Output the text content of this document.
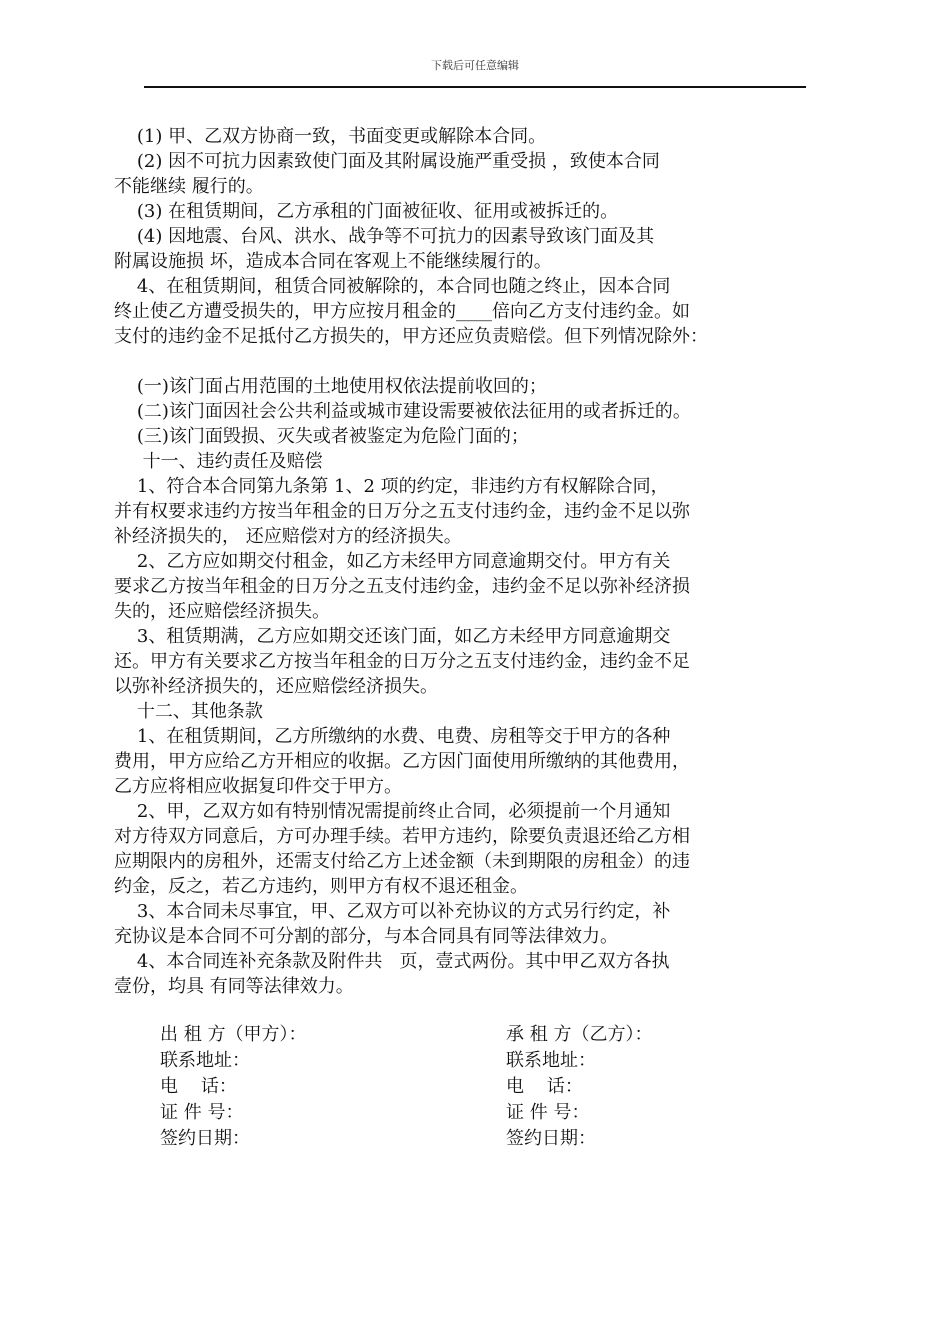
下载后可任意编辑
(1) 甲、乙双方协商一致，书面变更或解除本合同。
(2) 因不可抗力因素致使门面及其附属设施严重受损 ，致使本合同
不能继续 履行的。
(3) 在租赁期间，乙方承租的门面被征收、征用或被拆迁的。
(4) 因地震、台风、洪水、战争等不可抗力的因素导致该门面及其
附属设施损 坏，造成本合同在客观上不能继续履行的。
4、在租赁期间，租赁合同被解除的，本合同也随之终止，因本合同
终止使乙方遭受损失的，甲方应按月租金的____倍向乙方支付违约金。如
支付的违约金不足抵付乙方损失的，甲方还应负责赔偿。但下列情况除外：
(一)该门面占用范围的土地使用权依法提前收回的；
(二)该门面因社会公共利益或城市建设需要被依法征用的或者拆迁的。
(三)该门面毁损、灭失或者被鉴定为危险门面的；
十一、违约责任及赔偿
1、符合本合同第九条第 1、2 项的约定，非违约方有权解除合同，
并有权要求违约方按当年租金的日万分之五支付违约金，违约金不足以弥
补经济损失的， 还应赔偿对方的经济损失。
2、乙方应如期交付租金，如乙方未经甲方同意逾期交付。甲方有关
要求乙方按当年租金的日万分之五支付违约金，违约金不足以弥补经济损
失的，还应赔偿经济损失。
3、租赁期满，乙方应如期交还该门面，如乙方未经甲方同意逾期交
还。甲方有关要求乙方按当年租金的日万分之五支付违约金，违约金不足
以弥补经济损失的，还应赔偿经济损失。
十二、其他条款
1、在租赁期间，乙方所缴纳的水费、电费、房租等交于甲方的各种
费用，甲方应给乙方开相应的收据。乙方因门面使用所缴纳的其他费用，
乙方应将相应收据复印件交于甲方。
2、甲，乙双方如有特别情况需提前终止合同，必须提前一个月通知
对方待双方同意后，方可办理手续。若甲方违约，除要负责退还给乙方相
应期限内的房租外，还需支付给乙方上述金额（未到期限的房租金）的违
约金，反之，若乙方违约，则甲方有权不退还租金。
3、本合同未尽事宜，甲、乙双方可以补充协议的方式另行约定，补
充协议是本合同不可分割的部分，与本合同具有同等法律效力。
4、本合同连补充条款及附件共   页，壹式两份。其中甲乙双方各执
壹份，均具 有同等法律效力。
出 租 方（甲方）：	承 租 方（乙方）：
联系地址：	联系地址：
电    话：	电    话：
证 件 号：	证 件 号：
签约日期：	签约日期：
